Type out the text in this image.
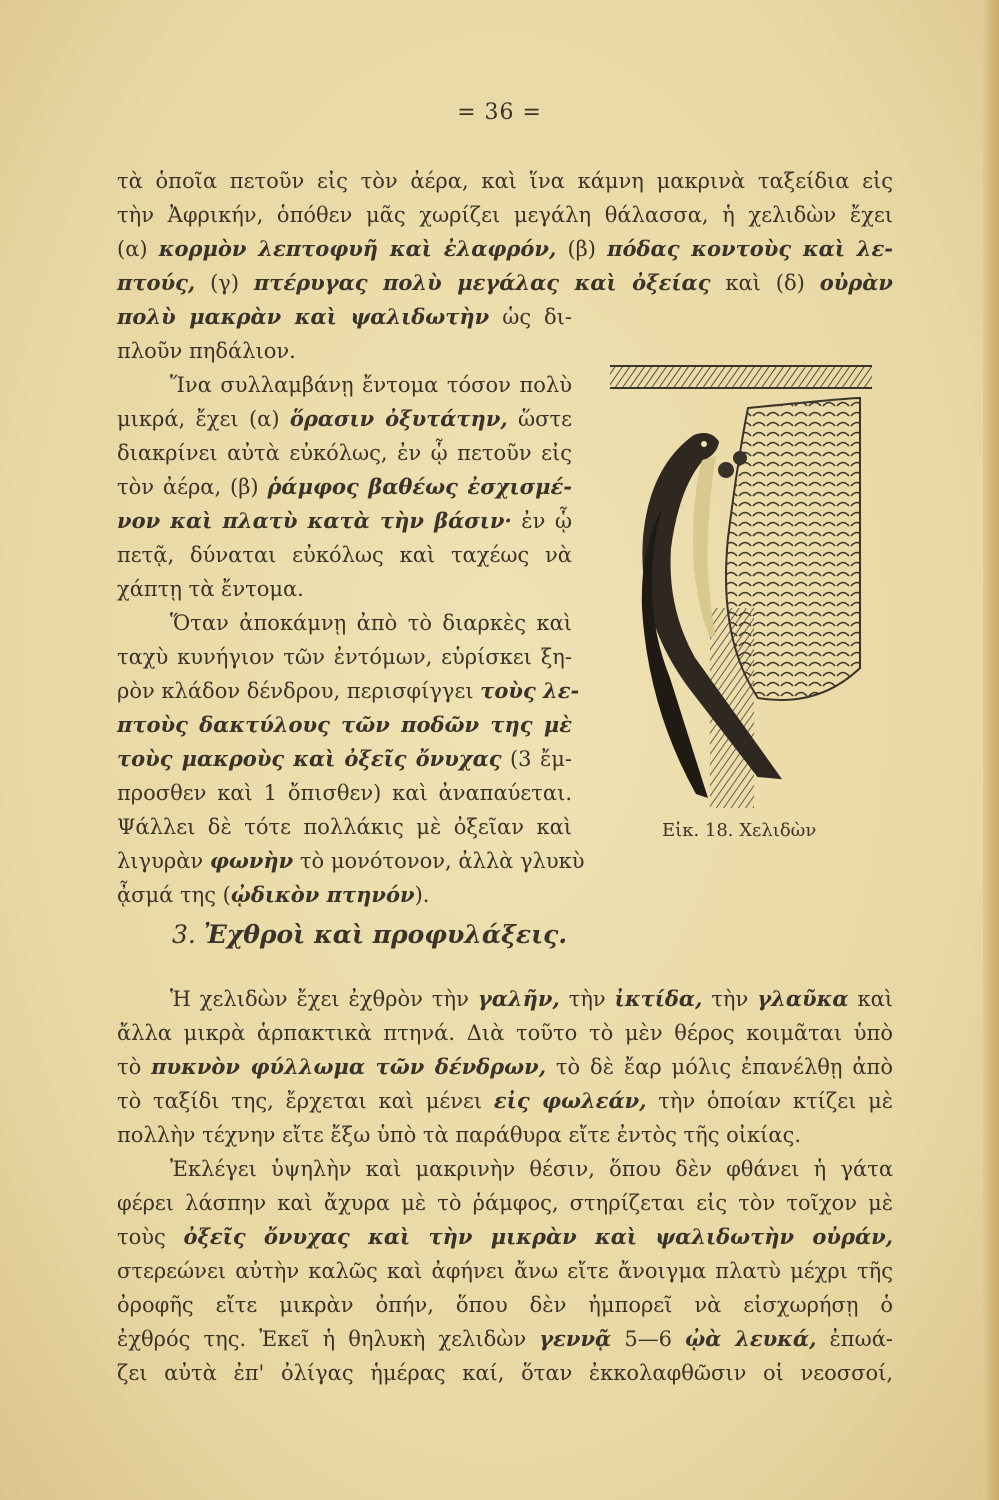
= 36 =
τὰ ὁποῖα πετοῦν εἰς τὸν ἀέρα, καὶ ἵνα κάμνη μακρινὰ ταξείδια εἰς
τὴν Ἀφρικήν, ὁπόθεν μᾶς χωρίζει μεγάλη θάλασσα, ἡ χελιδὼν ἔχει
(α) κορμὸν λεπτοφυῆ καὶ ἐλαφρόν, (β) πόδας κοντοὺς καὶ λε-
πτούς, (γ) πτέρυγας πολὺ μεγάλας καὶ ὀξείας καὶ (δ) οὐρὰν
πολὺ μακρὰν καὶ ψαλιδωτὴν ὡς δι-
πλοῦν πηδάλιον.
Ἵνα συλλαμβάνῃ ἔντομα τόσον πολὺ
μικρά, ἔχει (α) ὅρασιν ὀξυτάτην, ὥστε
διακρίνει αὐτὰ εὐκόλως, ἐν ᾧ πετοῦν εἰς
τὸν ἀέρα, (β) ῥάμφος βαθέως ἐσχισμέ-
νον καὶ πλατὺ κατὰ τὴν βάσιν· ἐν ᾧ
πετᾷ, δύναται εὐκόλως καὶ ταχέως νὰ
χάπτῃ τὰ ἔντομα.
Ὅταν ἀποκάμνῃ ἀπὸ τὸ διαρκὲς καὶ
ταχὺ κυνήγιον τῶν ἐντόμων, εὑρίσκει ξη-
ρὸν κλάδον δένδρου, περισφίγγει τοὺς λε-
πτοὺς δακτύλους τῶν ποδῶν της μὲ
τοὺς μακροὺς καὶ ὀξεῖς ὄνυχας (3 ἔμ-
προσθεν καὶ 1 ὄπισθεν) καὶ ἀναπαύεται.
Ψάλλει δὲ τότε πολλάκις μὲ ὀξεῖαν καὶ
λιγυρὰν φωνὴν τὸ μονότονον, ἀλλὰ γλυκὺ
ᾆσμά της (ᾠδικὸν πτηνόν).
Εἰκ. 18. Χελιδὼν
3. Ἐχθροὶ καὶ προφυλάξεις.
Ἡ χελιδὼν ἔχει ἐχθρὸν τὴν γαλῆν, τὴν ἰκτίδα, τὴν γλαῦκα καὶ
ἄλλα μικρὰ ἁρπακτικὰ πτηνά. Διὰ τοῦτο τὸ μὲν θέρος κοιμᾶται ὑπὸ
τὸ πυκνὸν φύλλωμα τῶν δένδρων, τὸ δὲ ἔαρ μόλις ἐπανέλθῃ ἀπὸ
τὸ ταξίδι της, ἔρχεται καὶ μένει εἰς φωλεάν, τὴν ὁποίαν κτίζει μὲ
πολλὴν τέχνην εἴτε ἔξω ὑπὸ τὰ παράθυρα εἴτε ἐντὸς τῆς οἰκίας.
Ἐκλέγει ὑψηλὴν καὶ μακρινὴν θέσιν, ὅπου δὲν φθάνει ἡ γάτα
φέρει λάσπην καὶ ἄχυρα μὲ τὸ ῥάμφος, στηρίζεται εἰς τὸν τοῖχον μὲ
τοὺς ὀξεῖς ὄνυχας καὶ τὴν μικρὰν καὶ ψαλιδωτὴν οὐράν,
στερεώνει αὐτὴν καλῶς καὶ ἀφήνει ἄνω εἴτε ἄνοιγμα πλατὺ μέχρι τῆς
ὀροφῆς εἴτε μικρὰν ὀπήν, ὅπου δὲν ἠμπορεῖ νὰ εἰσχωρήσῃ ὁ
ἐχθρός της. Ἐκεῖ ἡ θηλυκὴ χελιδὼν γεννᾷ 5—6 ᾠὰ λευκά, ἐπωά-
ζει αὐτὰ ἐπ' ὀλίγας ἡμέρας καί, ὅταν ἐκκολαφθῶσιν οἱ νεοσσοί,
